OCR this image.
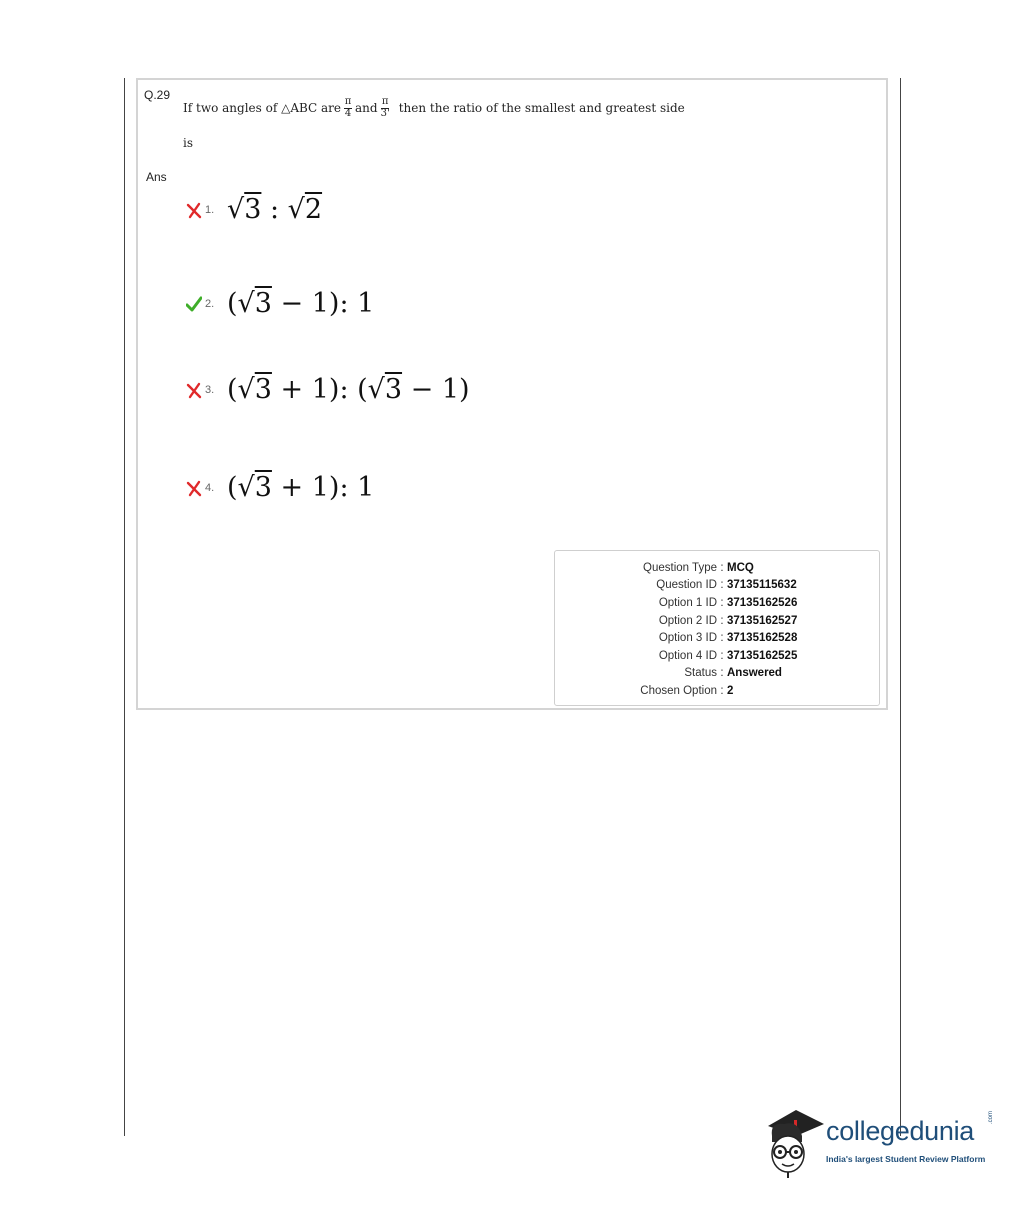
Q.29
If two angles of △ABC are $\frac{\pi}{4}$ and $\frac{\pi}{3'}$ then the ratio of the smallest and greatest side
is
Ans
1. √3 : √2
2. (√3 − 1): 1
3. (√3 + 1): (√3 − 1)
4. (√3 + 1): 1
Question Type : MCQ
Question ID : 37135115632
Option 1 ID : 37135162526
Option 2 ID : 37135162527
Option 3 ID : 37135162528
Option 4 ID : 37135162525
Status : Answered
Chosen Option : 2
collegedunia .com
India's largest Student Review Platform
